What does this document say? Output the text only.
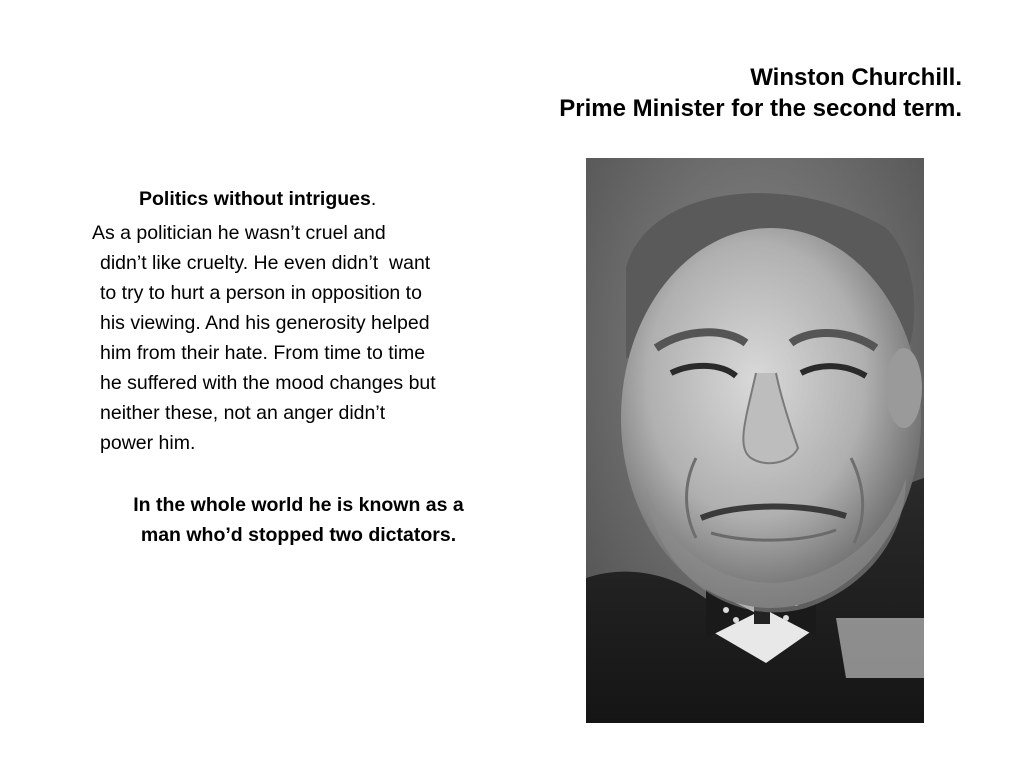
Winston Churchill.
Prime Minister for the second term.
Politics without intrigues.
As a politician he wasn’t cruel and
didn’t like cruelty. He even didn’t  want
to try to hurt a person in opposition to
his viewing. And his generosity helped
him from their hate. From time to time
he suffered with the mood changes but
neither these, not an anger didn’t
power him.
In the whole world he is known as a
man who’d stopped two dictators.
